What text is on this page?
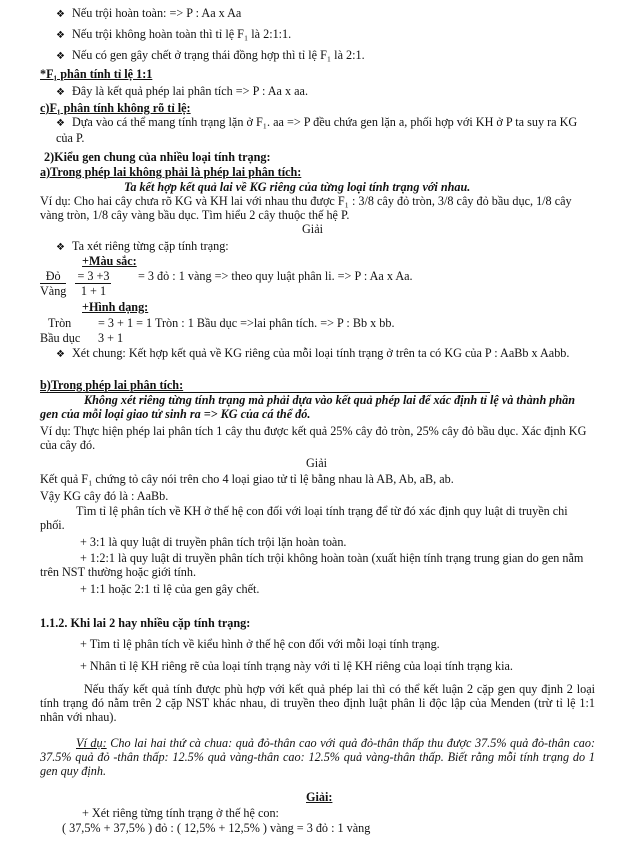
❖ Nếu trội hoàn toàn: => P : Aa x Aa
❖ Nếu trội không hoàn toàn thì tỉ lệ F₁ là 2:1:1.
❖ Nếu có gen gây chết ở trạng thái đồng hợp thì tỉ lệ F₁ là 2:1.
*F₁ phân tính tỉ lệ 1:1
❖ Đây là kết quả phép lai phân tích => P : Aa x aa.
c)F₁ phân tính không rõ tỉ lệ:
❖ Dựa vào cá thể mang tính trạng lặn ở F₁. aa => P đều chứa gen lặn a, phối hợp với KH ở P ta suy ra KG của P.
2)Kiểu gen chung của nhiều loại tính trạng:
a)Trong phép lai không phải là phép lai phân tích:
Ta kết hợp kết quả lai về KG riêng của từng loại tính trạng với nhau.
Ví dụ: Cho hai cây chưa rõ KG và KH lai với nhau thu được F₁ : 3/8 cây đỏ tròn, 3/8 cây đỏ bầu dục, 1/8 cây vàng tròn, 1/8 cây vàng bầu dục. Tìm hiểu 2 cây thuộc thế hệ P.
Giải
❖ Ta xét riêng từng cặp tính trạng:
+Màu sắc:
$\frac{\text{Đỏ}}{\text{Vàng}}$
$\frac{= 3 +3}{1 + 1} = 3$ đỏ : 1 vàng => theo quy luật phân li. => P : Aa x Aa.
+Hình dạng:
Tròn = 3 + 1 = 1 Tròn : 1 Bầu dục =>lai phân tích. => P : Bb x bb.
Bầu dục 3 + 1
❖ Xét chung: Kết hợp kết quả về KG riêng của mỗi loại tính trạng ở trên ta có KG của P : AaBb x Aabb.
b)Trong phép lai phân tích:
Không xét riêng từng tính trạng mà phải dựa vào kết quả phép lai để xác định tỉ lệ và thành phần gen của mỗi loại giao tử sinh ra => KG của cá thể đó.
Ví dụ: Thực hiện phép lai phân tích 1 cây thu được kết quả 25% cây đỏ tròn, 25% cây đỏ bầu dục. Xác định KG của cây đó.
Giải
Kết quả F₁ chứng tỏ cây nói trên cho 4 loại giao tử tỉ lệ bằng nhau là AB, Ab, aB, ab.
Vậy KG cây đó là : AaBb.
Tìm tỉ lệ phân tích về KH ở thế hệ con đối với loại tính trạng để từ đó xác định quy luật di truyền chi phối.
+ 3:1 là quy luật di truyền phân tích trội lặn hoàn toàn.
+ 1:2:1 là quy luật di truyền phân tích trội không hoàn toàn (xuất hiện tính trạng trung gian do gen nằm trên NST thường hoặc giới tính.
+ 1:1 hoặc 2:1 tỉ lệ của gen gây chết.
1.1.2. Khi lai 2 hay nhiều cặp tính trạng:
+ Tìm tỉ lệ phân tích về kiểu hình ở thế hệ con đối với mỗi loại tính trạng.
+ Nhân tỉ lệ KH riêng rẽ của loại tính trạng này với tỉ lệ KH riêng của loại tính trạng kia.
Nếu thấy kết quả tính được phù hợp với kết quả phép lai thì có thể kết luận 2 cặp gen quy định 2 loại tính trạng đó nằm trên 2 cặp NST khác nhau, di truyền theo định luật phân li độc lập của Menden (trừ tỉ lệ 1:1 nhân với nhau).
Ví dụ: Cho lai hai thứ cà chua: quả đỏ-thân cao với quả đỏ-thân thấp thu được 37.5% quả đỏ-thân cao: 37.5% quả đỏ -thân thấp: 12.5% quả vàng-thân cao: 12.5% quả vàng-thân thấp. Biết rằng mỗi tính trạng do 1 gen quy định.
Giải:
+ Xét riêng từng tính trạng ở thế hệ con:
( 37,5% + 37,5% ) đỏ : ( 12,5% + 12,5% ) vàng = 3 đỏ : 1 vàng
